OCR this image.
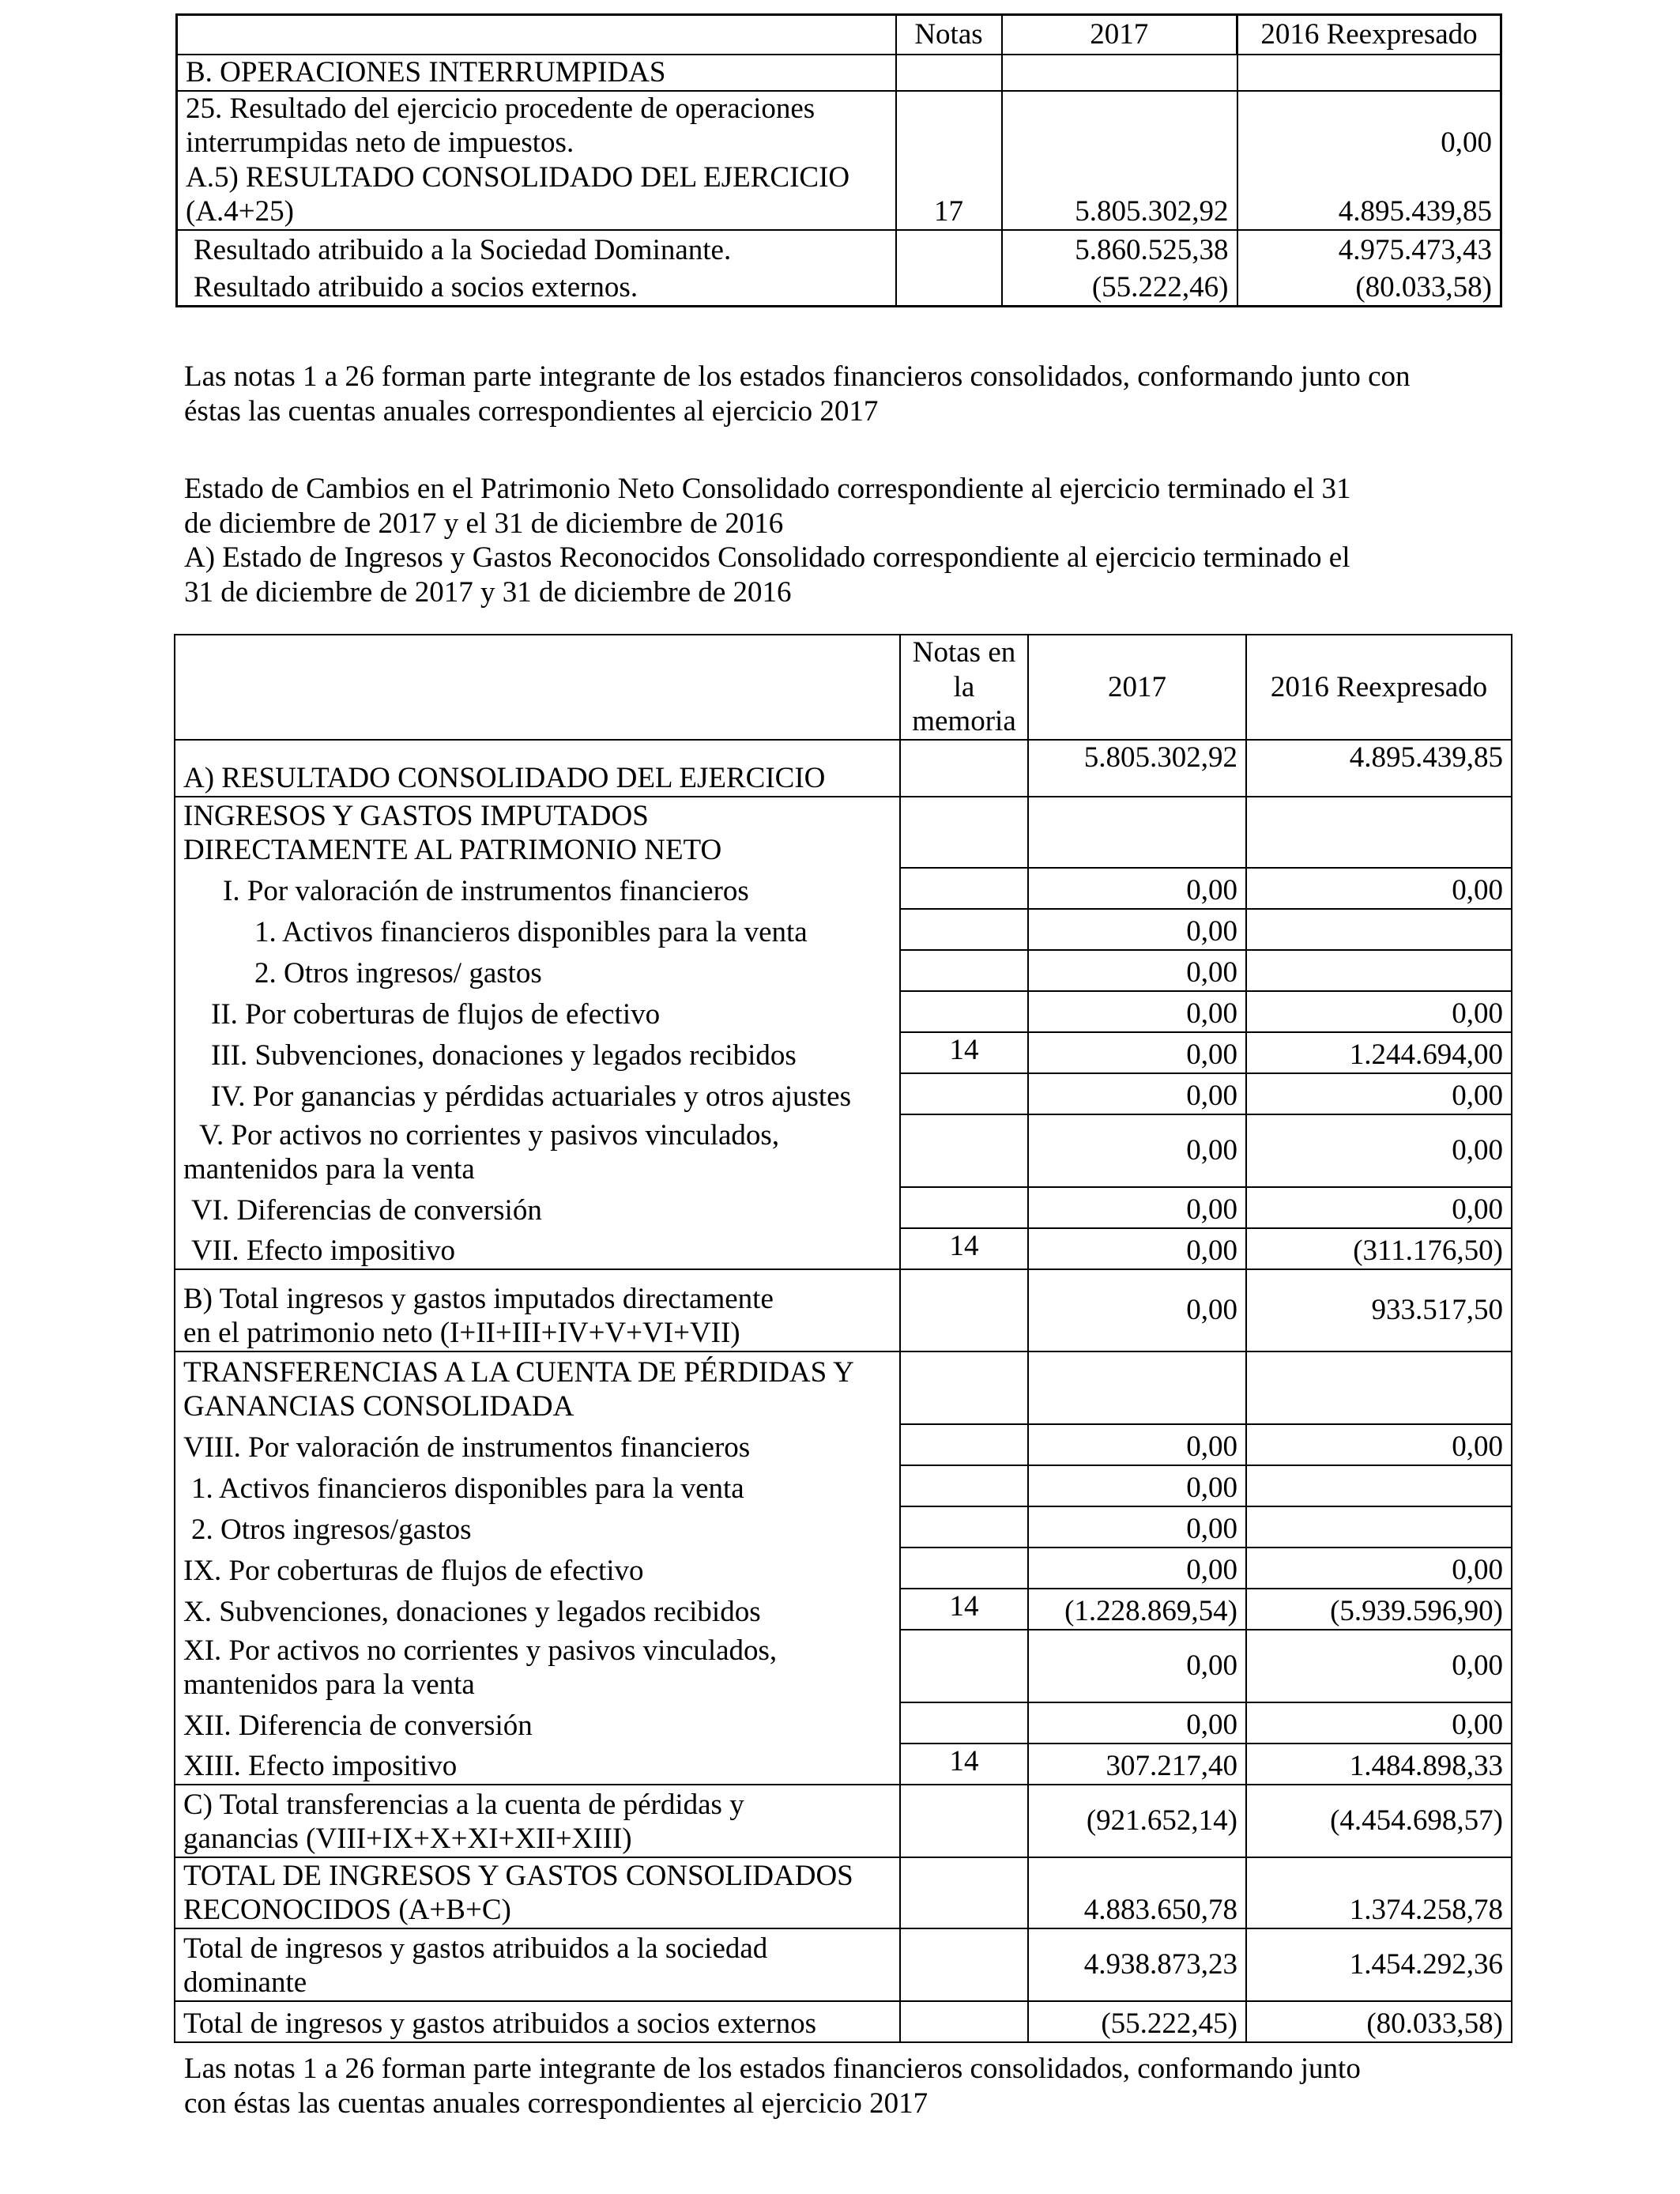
	Notas	2017	2016 Reexpresado
B. OPERACIONES INTERRUMPIDAS			

25. Resultado del ejercicio procedente de operaciones
interrumpidas neto de impuestos.			0,00

A.5) RESULTADO CONSOLIDADO DEL EJERCICIO
(A.4+25)	17	5.805.302,92	4.895.439,85
Resultado atribuido a la Sociedad Dominante.		5.860.525,38	4.975.473,43
Resultado atribuido a socios externos.		(55.222,46)	(80.033,58)
Las notas 1 a 26 forman parte integrante de los estados financieros consolidados, conformando junto con
éstas las cuentas anuales correspondientes al ejercicio 2017
Estado de Cambios en el Patrimonio Neto Consolidado correspondiente al ejercicio terminado el 31
de diciembre de 2017 y el 31 de diciembre de 2016
A) Estado de Ingresos y Gastos Reconocidos Consolidado correspondiente al ejercicio terminado el
31 de diciembre de 2017 y 31 de diciembre de 2016

	Notas en
la
memoria	2017	2016 Reexpresado
A) RESULTADO CONSOLIDADO DEL EJERCICIO		5.805.302,92	4.895.439,85

INGRESOS Y GASTOS IMPUTADOS
DIRECTAMENTE AL PATRIMONIO NETO			

I. Por valoración de instrumentos financieros		0,00	0,00
1. Activos financieros disponibles para la venta		0,00	
2. Otros ingresos/ gastos		0,00	
II. Por coberturas de flujos de efectivo		0,00	0,00
III. Subvenciones, donaciones y legados recibidos	14	0,00	1.244.694,00
IV. Por ganancias y pérdidas actuariales y otros ajustes		0,00	0,00

V. Por activos no corrientes y pasivos vinculados,
mantenidos para la venta		0,00	0,00
VI. Diferencias de conversión		0,00	0,00
VII. Efecto impositivo	14	0,00	(311.176,50)

B) Total ingresos y gastos imputados directamente
en el patrimonio neto (I+II+III+IV+V+VI+VII)		0,00	933.517,50

TRANSFERENCIAS A LA CUENTA DE PÉRDIDAS Y
GANANCIAS CONSOLIDADA			

VIII. Por valoración de instrumentos financieros		0,00	0,00
1. Activos financieros disponibles para la venta		0,00	
2. Otros ingresos/gastos		0,00	
IX. Por coberturas de flujos de efectivo		0,00	0,00
X. Subvenciones, donaciones y legados recibidos	14	(1.228.869,54)	(5.939.596,90)

XI. Por activos no corrientes y pasivos vinculados,
mantenidos para la venta		0,00	0,00
XII. Diferencia de conversión		0,00	0,00
XIII. Efecto impositivo	14	307.217,40	1.484.898,33

C) Total transferencias a la cuenta de pérdidas y
ganancias (VIII+IX+X+XI+XII+XIII)		(921.652,14)	(4.454.698,57)

TOTAL DE INGRESOS Y GASTOS CONSOLIDADOS
RECONOCIDOS (A+B+C)		4.883.650,78	1.374.258,78

Total de ingresos y gastos atribuidos a la sociedad
dominante		4.938.873,23	1.454.292,36
Total de ingresos y gastos atribuidos a socios externos		(55.222,45)	(80.033,58)
Las notas 1 a 26 forman parte integrante de los estados financieros consolidados, conformando junto
con éstas las cuentas anuales correspondientes al ejercicio 2017
